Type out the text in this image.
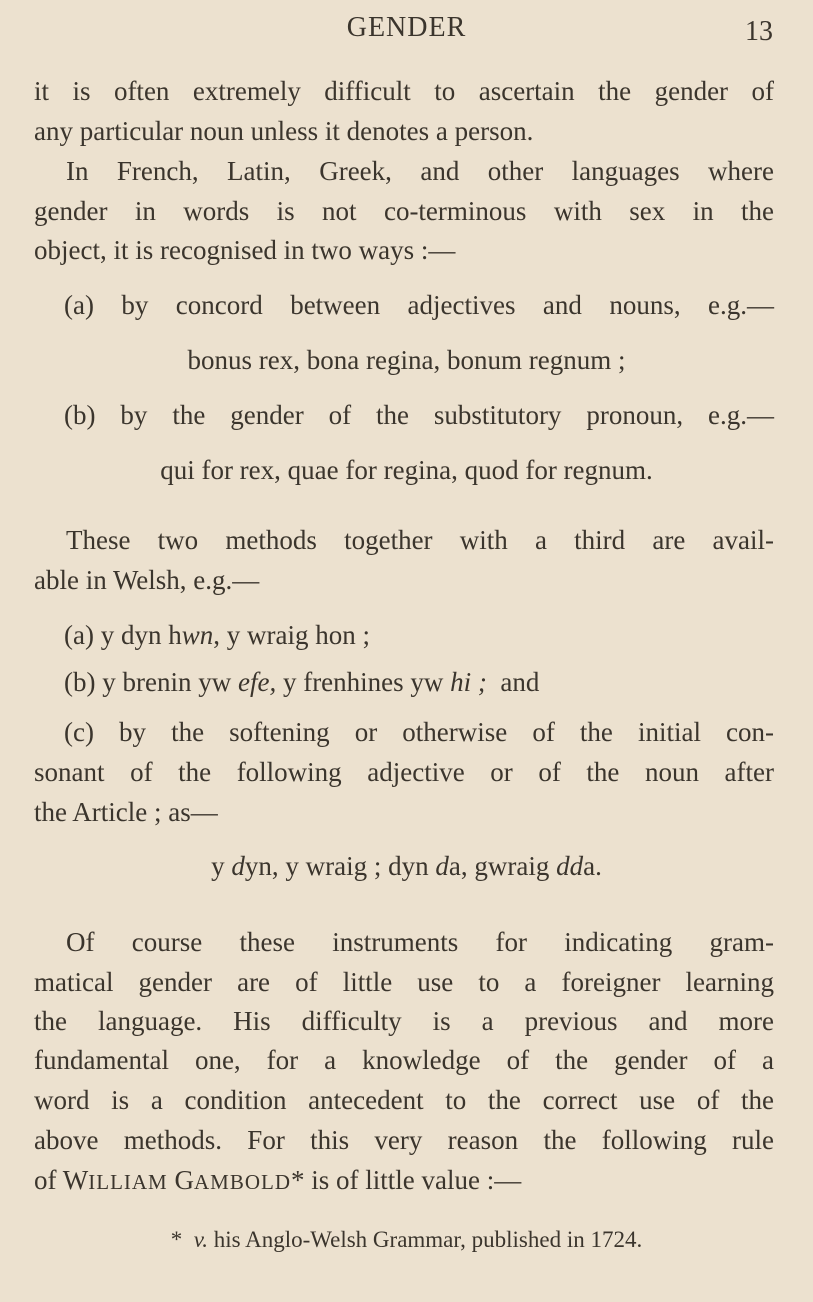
GENDER	13
it is often extremely difficult to ascertain the gender of
any particular noun unless it denotes a person.
In French, Latin, Greek, and other languages where
gender in words is not co-terminous with sex in the
object, it is recognised in two ways :—
(a) by concord between adjectives and nouns, e.g.—
bonus rex, bona regina, bonum regnum ;
(b) by the gender of the substitutory pronoun, e.g.—
qui for rex, quae for regina, quod for regnum.
These two methods together with a third are avail-
able in Welsh, e.g.—
(a) y dyn hwn, y wraig hon ;
(b) y brenin yw efe, y frenhines yw hi ; and
(c) by the softening or otherwise of the initial con-
sonant of the following adjective or of the noun after
the Article ; as—
y dyn, y wraig ; dyn da, gwraig dda.
Of course these instruments for indicating gram-
matical gender are of little use to a foreigner learning
the language. His difficulty is a previous and more
fundamental one, for a knowledge of the gender of a
word is a condition antecedent to the correct use of the
above methods. For this very reason the following rule
of WILLIAM GAMBOLD* is of little value :—
* v. his Anglo-Welsh Grammar, published in 1724.
